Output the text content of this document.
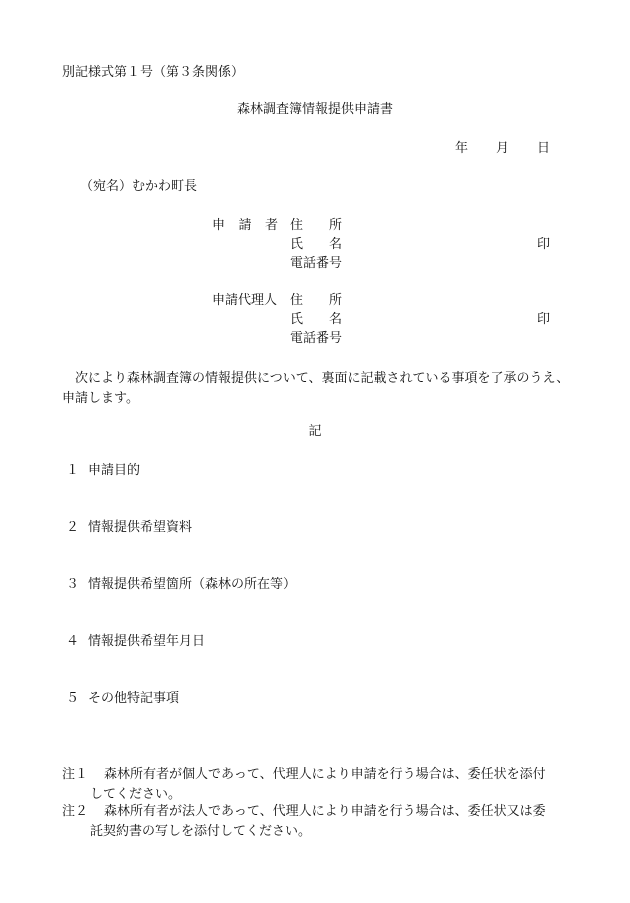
別記様式第１号（第３条関係）

森林調査簿情報提供申請書

年 月 日

（宛名）むかわ町長

申 請 者 住 所
氏 名	印
電話番号
申請代理人 住 所
氏 名	印
電話番号

次により森林調査簿の情報提供について、裏面に記載されている事項を了承のうえ、申請します。

記

１ 申請目的
２ 情報提供希望資料
３ 情報提供希望箇所（森林の所在等）
４ 情報提供希望年月日
５ その他特記事項
注１	森林所有者が個人であって、代理人により申請を行う場合は、委任状を添付
してください。
注２	森林所有者が法人であって、代理人により申請を行う場合は、委任状又は委
託契約書の写しを添付してください。
